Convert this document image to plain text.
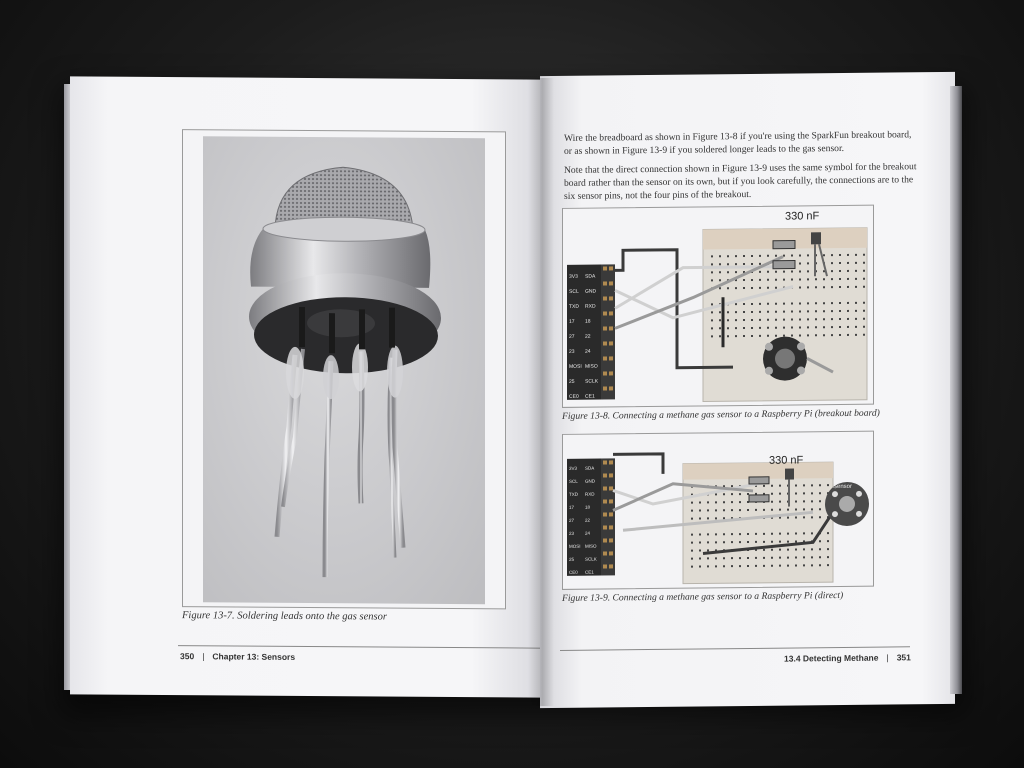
Figure 13-7. Soldering leads onto the gas sensor
350 | Chapter 13: Sensors
Wire the breadboard as shown in Figure 13-8 if you're using the SparkFun breakout board, or as shown in Figure 13-9 if you soldered longer leads to the gas sensor.
Note that the direct connection shown in Figure 13-9 uses the same symbol for the breakout board rather than the sensor on its own, but if you look carefully, the connections are to the six sensor pins, not the four pins of the breakout.
3V3 SDA
SCL GND
TXD RXD
17 18
27 22
23 24
MOSI MISO
25 SCLK
CE0 CE1
330 nF
Figure 13-8. Connecting a methane gas sensor to a Raspberry Pi (breakout board)
3V3 SDA
SCL GND
TXD RXD
17 18
27 22
23 24
MOSI MISO
25 SCLK
CE0 CE1
Sensor
330 nF
Figure 13-9. Connecting a methane gas sensor to a Raspberry Pi (direct)
13.4 Detecting Methane | 351
